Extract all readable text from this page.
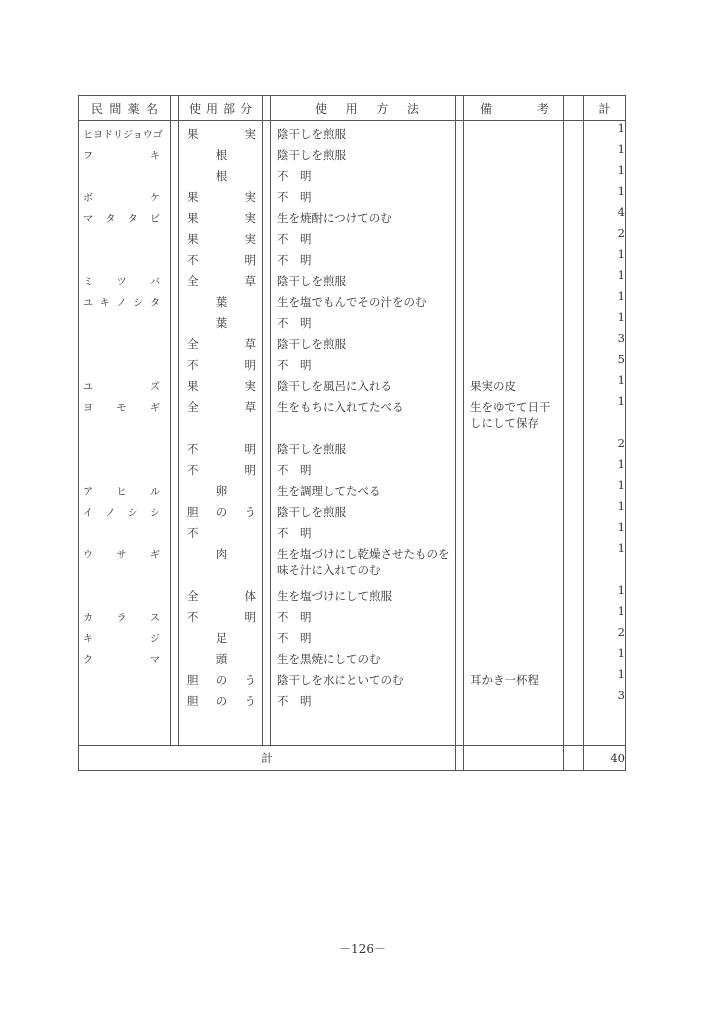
民 間 薬 名		使 用 部 分		使 用 方 法		備 考		計

ヒヨドリジョウゴ		果 実		陰干しを煎服				1

フ キ		根		陰干しを煎服				1

		根		不　明				1

ボ ケ		果 実		不　明				1

マ タ タ ビ		果 実		生を焼酎につけてのむ				4

		果 実		不　明				2

		不 明		不　明				1

ミ ツ バ		全 草		陰干しを煎服				1

ユ キ ノ シ タ		葉		生を塩でもんでその汁をのむ				1

		葉		不　明				1

		全 草		陰干しを煎服				3

		不 明		不　明				5

ユ ズ		果 実		陰干しを風呂に入れる		果実の皮		1

ヨ モ ギ		全 草		生をもちに入れてたべる		生をゆでて日干しにして保存		1

		不 明		陰干しを煎服				2

		不 明		不　明				1

ア ヒ ル		卵		生を調理してたべる				1

イ ノ シ シ		胆 の う		陰干しを煎服				1

		不		不　明				1

ウ サ ギ		肉		生を塩づけにし乾燥させたものを味そ汁に入れてのむ				1

		全 体		生を塩づけにして煎服				1

カ ラ ス		不 明		不　明				1

キ ジ		足		不　明				2

ク マ		頭		生を黒焼にしてのむ				1

		胆 の う		陰干しを水にといてのむ		耳かき一杯程		1

		胆 の う		不　明				3

計								40
－126－
